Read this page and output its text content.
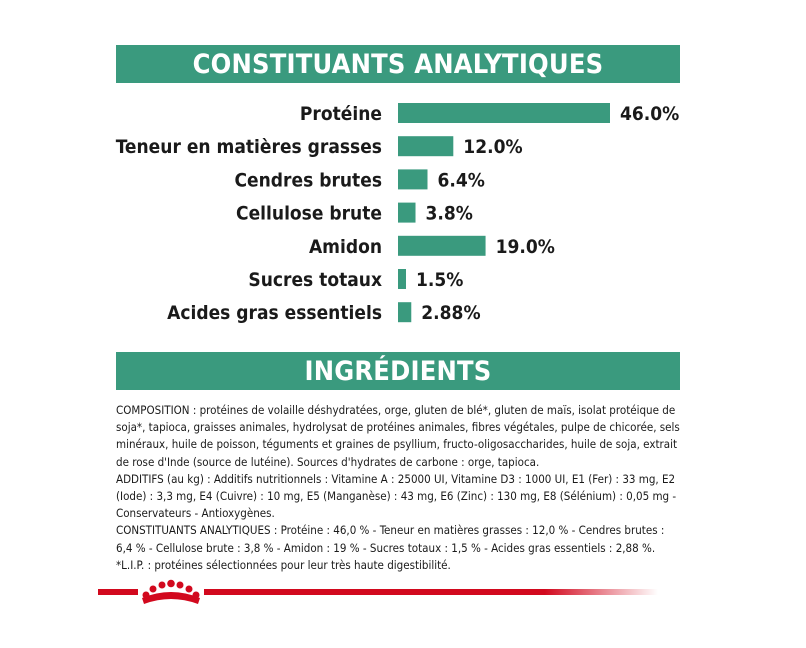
CONSTITUANTS ANALYTIQUES
Protéine	46.0%
Teneur en matières grasses	12.0%
Cendres brutes	6.4%
Cellulose brute 3.8%
Amidon	19.0%
Sucres totaux 1.5%
Acides gras essentiels 2.88%
INGRÉDIENTS

COMPOSITION : protéines de volaille déshydratées, orge, gluten de blé*, gluten de maïs, isolat protéique de soja*, tapioca, graisses animales, hydrolysat de protéines animales, fibres végétales, pulpe de chicorée, sels minéraux, huile de poisson, téguments et graines de psyllium, fructo-oligosaccharides, huile de soja, extrait de rose d'Inde (source de lutéine). Sources d'hydrates de carbone : orge, tapioca.

ADDITIFS (au kg) : Additifs nutritionnels : Vitamine A : 25000 UI, Vitamine D3 : 1000 UI, E1 (Fer) : 33 mg, E2 (Iode) : 3,3 mg, E4 (Cuivre) : 10 mg, E5 (Manganèse) : 43 mg, E6 (Zinc) : 130 mg, E8 (Sélénium) : 0,05 mg - Conservateurs - Antioxygènes.

CONSTITUANTS ANALYTIQUES : Protéine : 46,0 % - Teneur en matières grasses : 12,0 % - Cendres brutes : 6,4 % - Cellulose brute : 3,8 % - Amidon : 19 % - Sucres totaux : 1,5 % - Acides gras essentiels : 2,88 %.

*L.I.P. : protéines sélectionnées pour leur très haute digestibilité.
